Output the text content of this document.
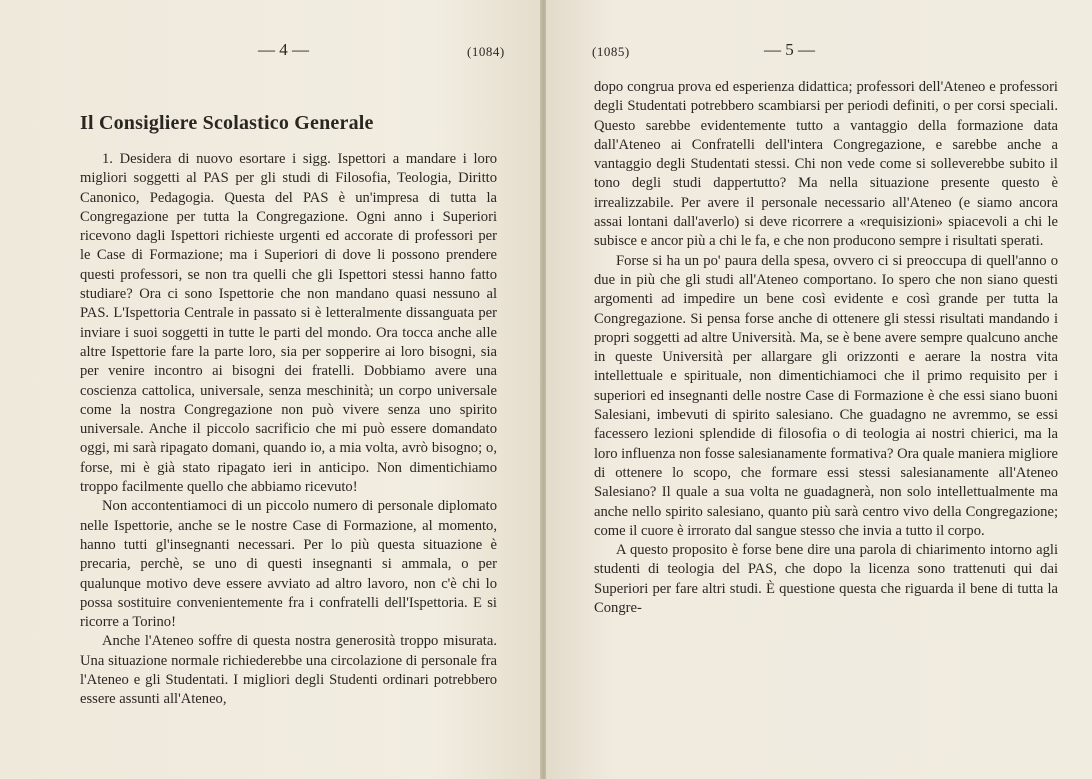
— 4 —	(1084)
Il Consigliere Scolastico Generale

1. Desidera di nuovo esortare i sigg. Ispettori a mandare i loro migliori soggetti al PAS per gli studi di Filosofia, Teologia, Diritto Canonico, Pedagogia. Questa del PAS è un'impresa di tutta la Congregazione per tutta la Congregazione. Ogni anno i Superiori ricevono dagli Ispettori richieste urgenti ed accorate di professori per le Case di Formazione; ma i Superiori di dove li possono prendere questi professori, se non tra quelli che gli Ispettori stessi hanno fatto studiare? Ora ci sono Ispettorie che non mandano quasi nessuno al PAS. L'Ispettoria Centrale in passato si è letteralmente dissanguata per inviare i suoi soggetti in tutte le parti del mondo. Ora tocca anche alle altre Ispettorie fare la parte loro, sia per sopperire ai loro bisogni, sia per venire incontro ai bisogni dei fratelli. Dobbiamo avere una coscienza cattolica, universale, senza meschinità; un corpo universale come la nostra Congregazione non può vivere senza uno spirito universale. Anche il piccolo sacrificio che mi può essere domandato oggi, mi sarà ripagato domani, quando io, a mia volta, avrò bisogno; o, forse, mi è già stato ripagato ieri in anticipo. Non dimentichiamo troppo facilmente quello che abbiamo ricevuto!

Non accontentiamoci di un piccolo numero di personale diplomato nelle Ispettorie, anche se le nostre Case di Formazione, al momento, hanno tutti gl'insegnanti necessari. Per lo più questa situazione è precaria, perchè, se uno di questi insegnanti si ammala, o per qualunque motivo deve essere avviato ad altro lavoro, non c'è chi lo possa sostituire convenientemente fra i confratelli dell'Ispettoria. E si ricorre a Torino!

Anche l'Ateneo soffre di questa nostra generosità troppo misurata. Una situazione normale richiederebbe una circolazione di personale fra l'Ateneo e gli Studentati. I migliori degli Studenti ordinari potrebbero essere assunti all'Ateneo,

(1085)	— 5 —

dopo congrua prova ed esperienza didattica; professori dell'Ateneo e professori degli Studentati potrebbero scambiarsi per periodi definiti, o per corsi speciali. Questo sarebbe evidentemente tutto a vantaggio della formazione data dall'Ateneo ai Confratelli dell'intera Congregazione, e sarebbe anche a vantaggio degli Studentati stessi. Chi non vede come si solleverebbe subito il tono degli studi dappertutto? Ma nella situazione presente questo è irrealizzabile. Per avere il personale necessario all'Ateneo (e siamo ancora assai lontani dall'averlo) si deve ricorrere a «requisizioni» spiacevoli a chi le subisce e ancor più a chi le fa, e che non producono sempre i risultati sperati.

Forse si ha un po' paura della spesa, ovvero ci si preoccupa di quell'anno o due in più che gli studi all'Ateneo comportano. Io spero che non siano questi argomenti ad impedire un bene così evidente e così grande per tutta la Congregazione. Si pensa forse anche di ottenere gli stessi risultati mandando i propri soggetti ad altre Università. Ma, se è bene avere sempre qualcuno anche in queste Università per allargare gli orizzonti e aerare la nostra vita intellettuale e spirituale, non dimentichiamoci che il primo requisito per i superiori ed insegnanti delle nostre Case di Formazione è che essi siano buoni Salesiani, imbevuti di spirito salesiano. Che guadagno ne avremmo, se essi facessero lezioni splendide di filosofia o di teologia ai nostri chierici, ma la loro influenza non fosse salesianamente formativa? Ora quale maniera migliore di ottenere lo scopo, che formare essi stessi salesianamente all'Ateneo Salesiano? Il quale a sua volta ne guadagnerà, non solo intellettualmente ma anche nello spirito salesiano, quanto più sarà centro vivo della Congregazione; come il cuore è irrorato dal sangue stesso che invia a tutto il corpo.

A questo proposito è forse bene dire una parola di chiarimento intorno agli studenti di teologia del PAS, che dopo la licenza sono trattenuti qui dai Superiori per fare altri studi. È questione questa che riguarda il bene di tutta la Congre-
